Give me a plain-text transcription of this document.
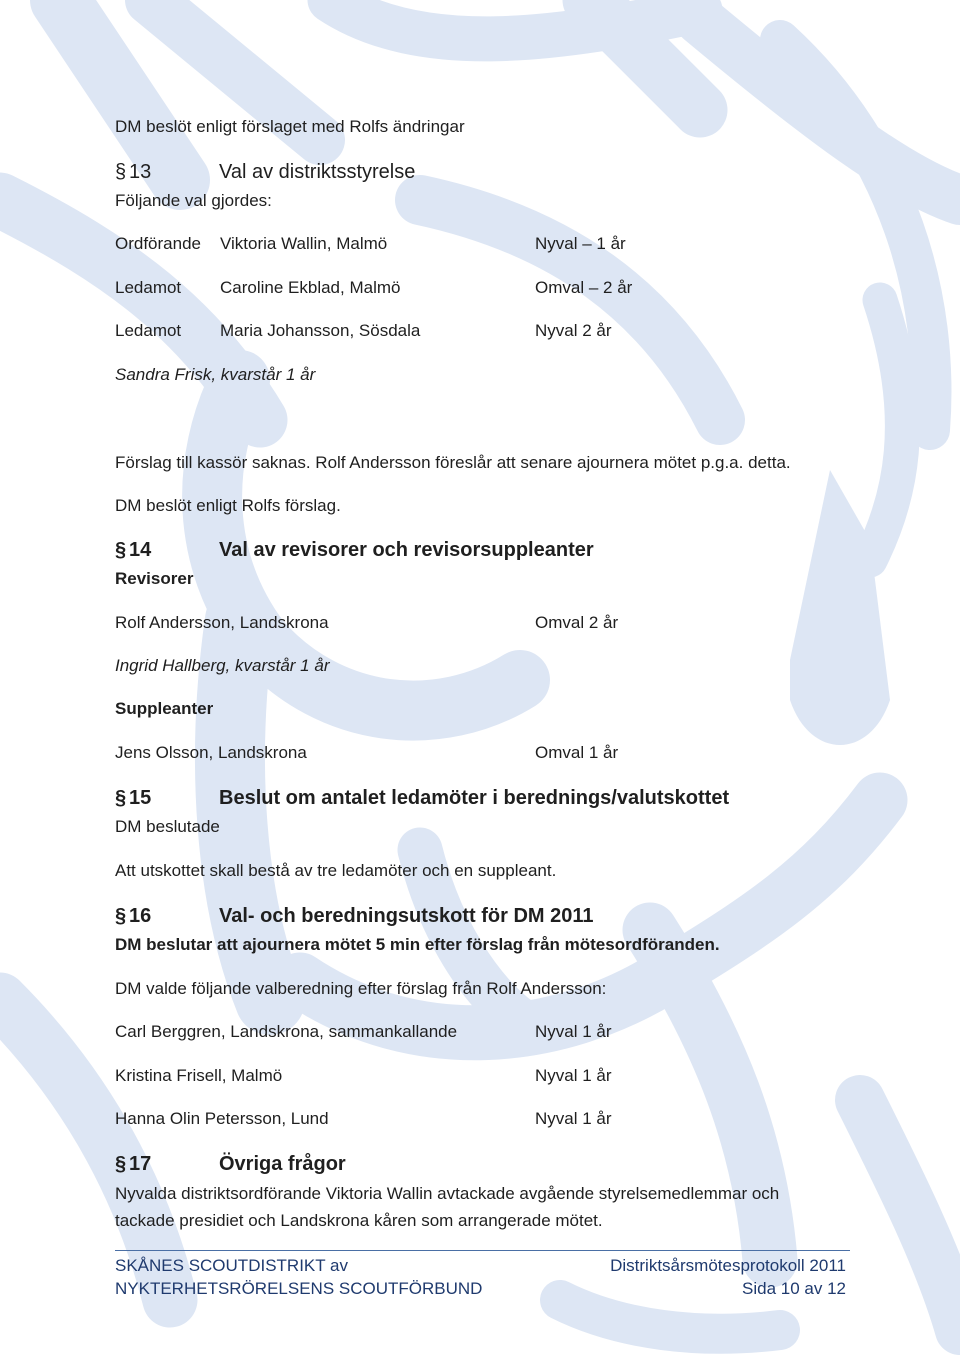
DM beslöt enligt förslaget med Rolfs ändringar
§ 13	Val av distriktsstyrelse
Följande val gjordes:
Ordförande Viktoria Wallin, Malmö	Nyval – 1 år
Ledamot Caroline Ekblad, Malmö	Omval – 2 år
Ledamot Maria Johansson, Sösdala	Nyval 2 år
Sandra Frisk, kvarstår 1 år
Förslag till kassör saknas. Rolf Andersson föreslår att senare ajournera mötet p.g.a. detta.
DM beslöt enligt Rolfs förslag.
§ 14	Val av revisorer och revisorsuppleanter
Revisorer
Rolf Andersson, Landskrona	Omval 2 år
Ingrid Hallberg, kvarstår 1 år
Suppleanter
Jens Olsson, Landskrona	Omval 1 år
§ 15	Beslut om antalet ledamöter i berednings/valutskottet
DM beslutade
Att utskottet skall bestå av tre ledamöter och en suppleant.
§ 16	Val- och beredningsutskott för DM 2011
DM beslutar att ajournera mötet 5 min efter förslag från mötesordföranden.
DM valde följande valberedning efter förslag från Rolf Andersson:
Carl Berggren, Landskrona, sammankallande	Nyval 1 år
Kristina Frisell, Malmö	Nyval 1 år
Hanna Olin Petersson, Lund	Nyval 1 år
§ 17	Övriga frågor
Nyvalda distriktsordförande Viktoria Wallin avtackade avgående styrelsemedlemmar och
tackade presidiet och Landskrona kåren som arrangerade mötet.
SKÅNES SCOUTDISTRIKT av
NYKTERHETSRÖRELSENS SCOUTFÖRBUND
Distriktsårsmötesprotokoll 2011
Sida 10 av 12
